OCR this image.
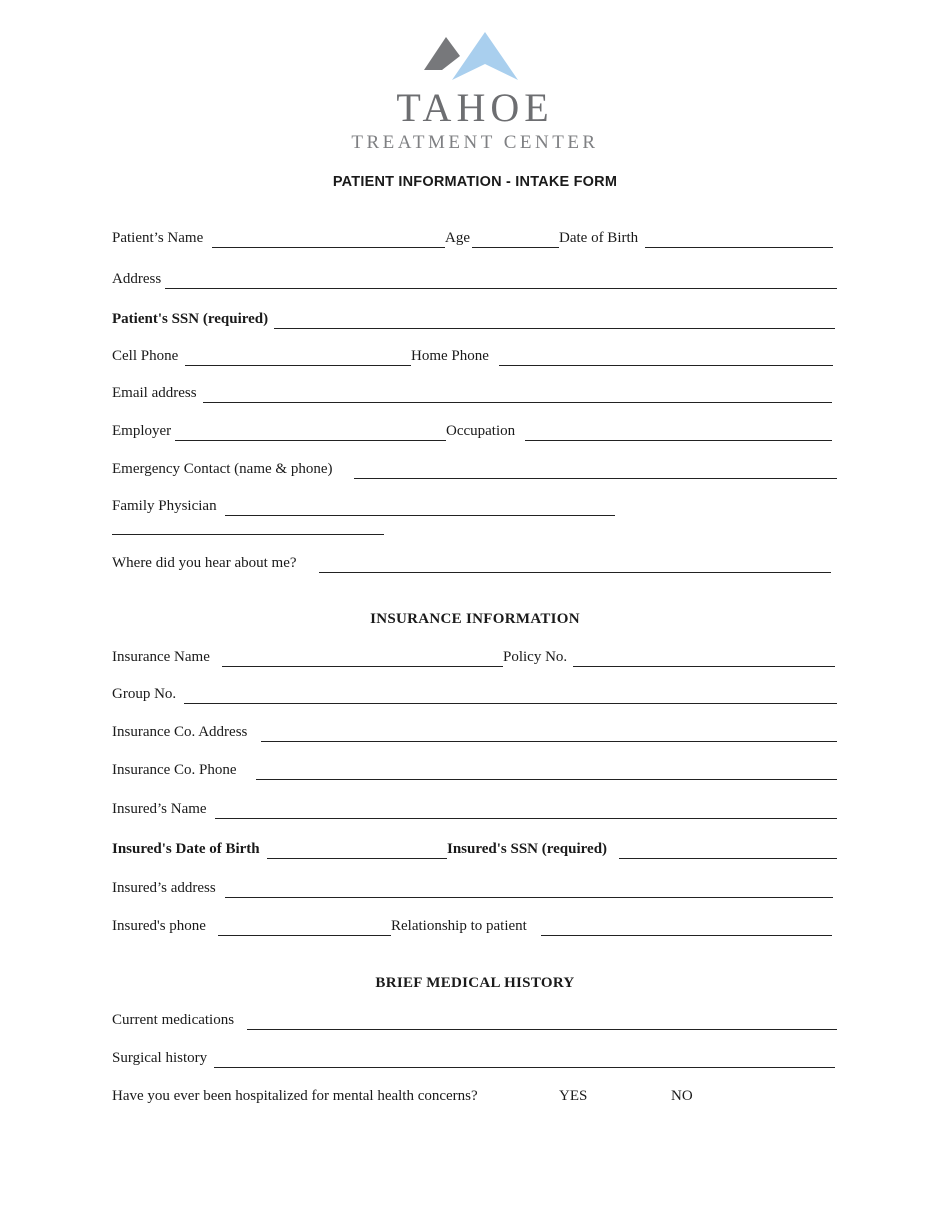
TAHOE
TREATMENT CENTER
PATIENT INFORMATION - INTAKE FORM
Patient’s Name	Age	Date of Birth
Address
Patient's SSN (required)
Cell Phone	Home Phone
Email address
Employer	Occupation
Emergency Contact (name & phone)
Family Physician
Where did you hear about me?
INSURANCE INFORMATION
Insurance Name	Policy No.
Group No.
Insurance Co. Address
Insurance Co. Phone
Insured’s Name
Insured's Date of Birth	Insured's SSN (required)
Insured’s address
Insured's phone	Relationship to patient
BRIEF MEDICAL HISTORY
Current medications
Surgical history
Have you ever been hospitalized for mental health concerns?	YES	NO
